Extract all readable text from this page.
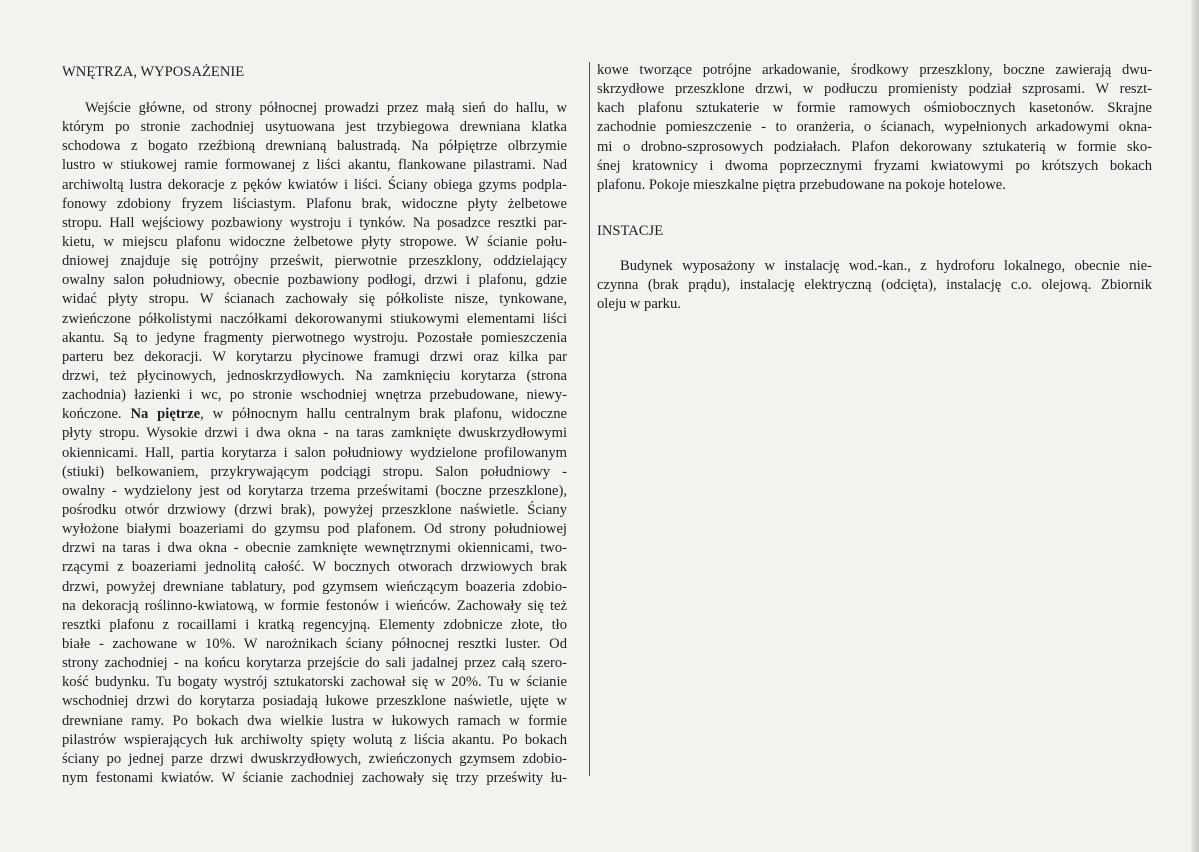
WNĘTRZA, WYPOSAŻENIE
Wejście główne, od strony północnej prowadzi przez małą sień do hallu, w
którym po stronie zachodniej usytuowana jest trzybiegowa drewniana klatka
schodowa z bogato rzeźbioną drewnianą balustradą. Na półpiętrze olbrzymie
lustro w stiukowej ramie formowanej z liści akantu, flankowane pilastrami. Nad
archiwoltą lustra dekoracje z pęków kwiatów i liści. Ściany obiega gzyms podpla-
fonowy zdobiony fryzem liściastym. Plafonu brak, widoczne płyty żelbetowe
stropu. Hall wejściowy pozbawiony wystroju i tynków. Na posadzce resztki par-
kietu, w miejscu plafonu widoczne żelbetowe płyty stropowe. W ścianie połu-
dniowej znajduje się potrójny prześwit, pierwotnie przeszklony, oddzielający
owalny salon południowy, obecnie pozbawiony podłogi, drzwi i plafonu, gdzie
widać płyty stropu. W ścianach zachowały się półkoliste nisze, tynkowane,
zwieńczone półkolistymi naczółkami dekorowanymi stiukowymi elementami liści
akantu. Są to jedyne fragmenty pierwotnego wystroju. Pozostałe pomieszczenia
parteru bez dekoracji. W korytarzu płycinowe framugi drzwi oraz kilka par
drzwi, też płycinowych, jednoskrzydłowych. Na zamknięciu korytarza (strona
zachodnia) łazienki i wc, po stronie wschodniej wnętrza przebudowane, niewy-
kończone. Na piętrze, w północnym hallu centralnym brak plafonu, widoczne
płyty stropu. Wysokie drzwi i dwa okna - na taras zamknięte dwuskrzydłowymi
okiennicami. Hall, partia korytarza i salon południowy wydzielone profilowanym
(stiuki) belkowaniem, przykrywającym podciągi stropu. Salon południowy -
owalny - wydzielony jest od korytarza trzema prześwitami (boczne przeszklone),
pośrodku otwór drzwiowy (drzwi brak), powyżej przeszklone naświetle. Ściany
wyłożone białymi boazeriami do gzymsu pod plafonem. Od strony południowej
drzwi na taras i dwa okna - obecnie zamknięte wewnętrznymi okiennicami, two-
rzącymi z boazeriami jednolitą całość. W bocznych otworach drzwiowych brak
drzwi, powyżej drewniane tablatury, pod gzymsem wieńczącym boazeria zdobio-
na dekoracją roślinno-kwiatową, w formie festonów i wieńców. Zachowały się też
resztki plafonu z rocaillami i kratką regencyjną. Elementy zdobnicze złote, tło
białe - zachowane w 10%. W narożnikach ściany północnej resztki luster. Od
strony zachodniej - na końcu korytarza przejście do sali jadalnej przez całą szero-
kość budynku. Tu bogaty wystrój sztukatorski zachował się w 20%. Tu w ścianie
wschodniej drzwi do korytarza posiadają łukowe przeszklone naświetle, ujęte w
drewniane ramy. Po bokach dwa wielkie lustra w łukowych ramach w formie
pilastrów wspierających łuk archiwolty spięty wolutą z liścia akantu. Po bokach
ściany po jednej parze drzwi dwuskrzydłowych, zwieńczonych gzymsem zdobio-
nym festonami kwiatów. W ścianie zachodniej zachowały się trzy prześwity łu-
kowe tworzące potrójne arkadowanie, środkowy przeszklony, boczne zawierają dwu-
skrzydłowe przeszklone drzwi, w podłuczu promienisty podział szprosami. W reszt-
kach plafonu sztukaterie w formie ramowych ośmiobocznych kasetonów. Skrajne
zachodnie pomieszczenie - to oranżeria, o ścianach, wypełnionych arkadowymi okna-
mi o drobno-szprosowych podziałach. Plafon dekorowany sztukaterią w formie sko-
śnej kratownicy i dwoma poprzecznymi fryzami kwiatowymi po krótszych bokach
plafonu. Pokoje mieszkalne piętra przebudowane na pokoje hotelowe.
INSTACJE
Budynek wyposażony w instalację wod.-kan., z hydroforu lokalnego, obecnie nie-
czynna (brak prądu), instalację elektryczną (odcięta), instalację c.o. olejową. Zbiornik
oleju w parku.
